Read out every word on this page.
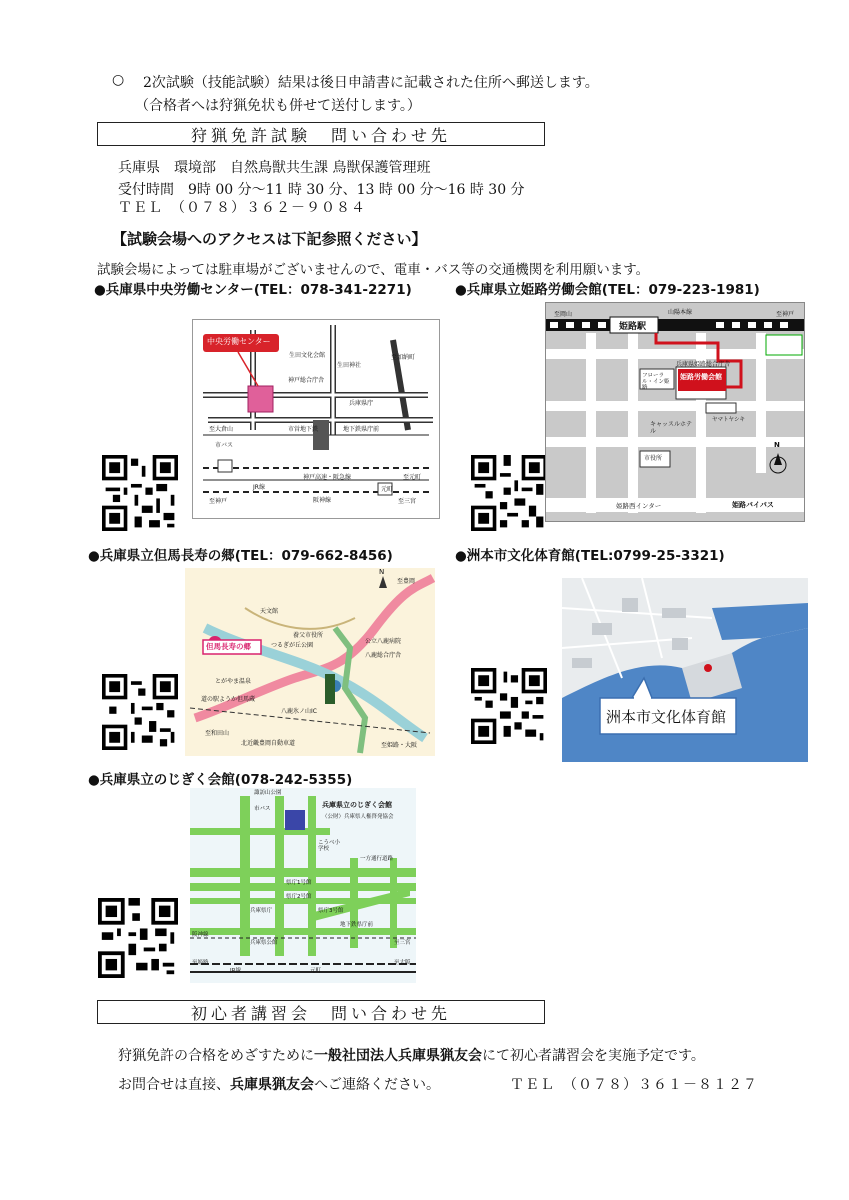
○ 2次試験（技能試験）結果は後日申請書に記載された住所へ郵送します。
（合格者へは狩猟免状も併せて送付します。）
狩猟免許試験　問い合わせ先
兵庫県　環境部　自然鳥獣共生課 鳥獣保護管理班
受付時間　9時 00 分～11 時 30 分、13 時 00 分～16 時 30 分
ＴＥＬ　（０７８）３６２－９０８４
【試験会場へのアクセスは下記参照ください】
試験会場によっては駐車場がございませんので、電車・バス等の交通機関を利用願います。
●兵庫県中央労働センター(TEL：078-341-2271)	●兵庫県立姫路労働会館(TEL：079-223-1981)
●兵庫県立但馬長寿の郷(TEL：079-662-8456)	●洲本市文化体育館(TEL:0799-25-3321)
●兵庫県立のじぎく会館(078-242-5355)
中央労働センター
生田文化会館
生田神社
至加納町
神戸総合庁舎
兵庫県庁
市バス
地下鉄県庁前
市営地下鉄
元町
神戸高速・阪急線
阪神線	至三宮
至大倉山
至神戸
至元町
JR線
姫路駅
山陽本線
至岡山	至神戸
兵庫県姫路総合庁舎
姫路労働会館
フローラル・イン姫路
キャッスルホテル
ヤマトヤシキ
市役所
姫路西インター	姫路バイパス
N
但馬長寿の郷
至豊岡
養父市役所
公立八鹿病院
八鹿総合庁舎
天文館
つるぎが丘公園
とがやま温泉
道の駅ようか但馬蔵
八鹿氷ノ山IC
北近畿豊岡自動車道
至和田山
至姫路・大阪
N
洲本市文化体育館
兵庫県立のじぎく会館
（公財）兵庫県人権啓発協会
諏訪山公園
市バス
こうべ小学校
一方通行道路
県庁1号館
県庁2号館
県庁3号館
兵庫県庁
元町
至大阪
至姫路
阪神線
JR線
地下鉄県庁前
兵庫県公館	至三宮
初心者講習会　問い合わせ先
狩猟免許の合格をめざすために一般社団法人兵庫県猟友会にて初心者講習会を実施予定です。
お問合せは直接、兵庫県猟友会へご連絡ください。	ＴＥＬ　（０７８）３６１－８１２７
